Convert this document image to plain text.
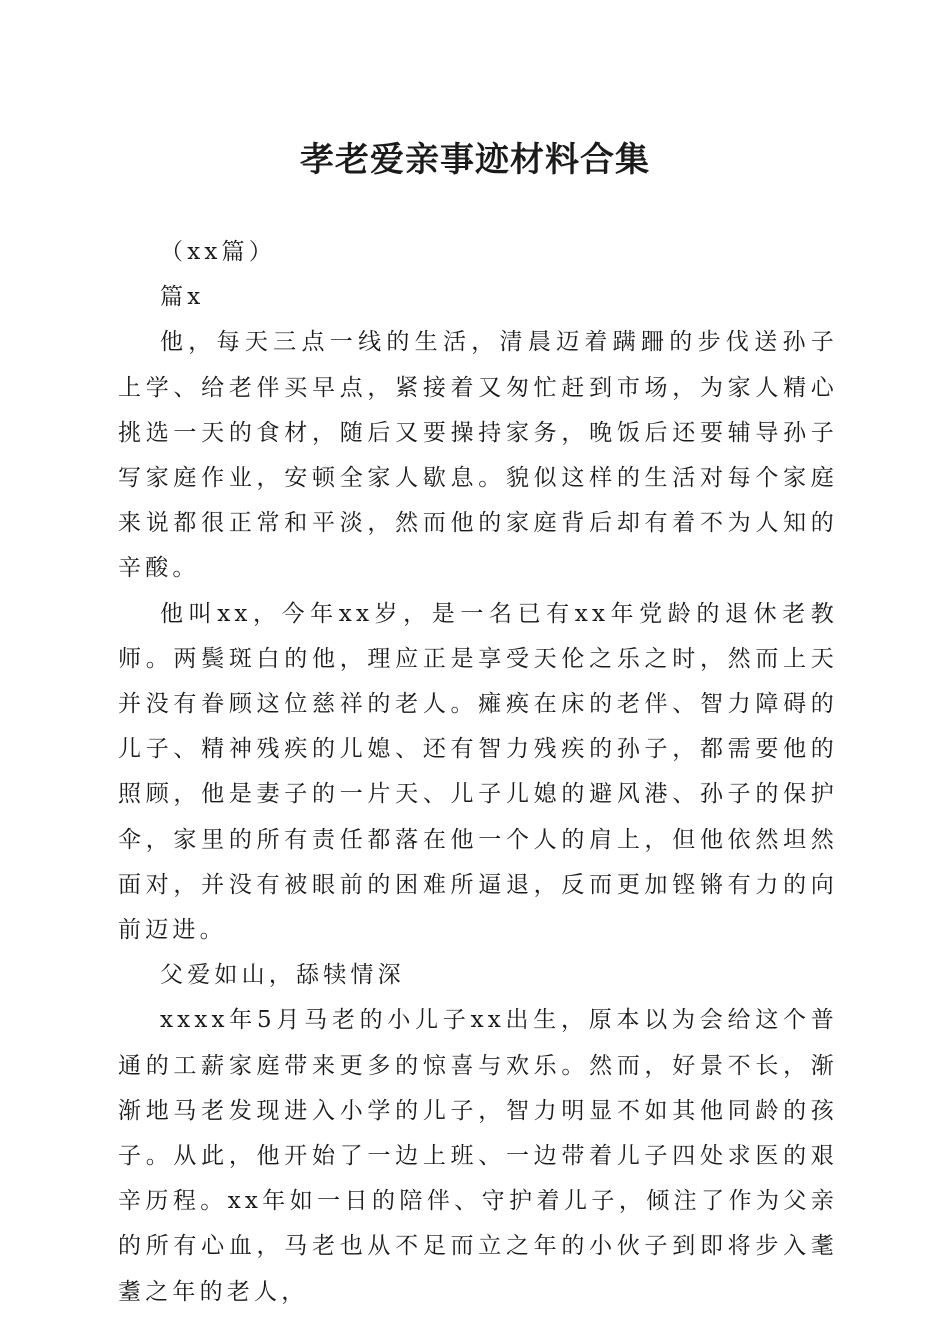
孝老爱亲事迹材料合集

（xx篇）

篇x

他，每天三点一线的生活，清晨迈着蹒跚的步伐送孙子上学、给老伴买早点，紧接着又匆忙赶到市场，为家人精心挑选一天的食材，随后又要操持家务，晚饭后还要辅导孙子写家庭作业，安顿全家人歇息。貌似这样的生活对每个家庭来说都很正常和平淡，然而他的家庭背后却有着不为人知的辛酸。

他叫xx，今年xx岁，是一名已有xx年党龄的退休老教师。两鬓斑白的他，理应正是享受天伦之乐之时，然而上天并没有眷顾这位慈祥的老人。瘫痪在床的老伴、智力障碍的儿子、精神残疾的儿媳、还有智力残疾的孙子，都需要他的照顾，他是妻子的一片天、儿子儿媳的避风港、孙子的保护伞，家里的所有责任都落在他一个人的肩上，但他依然坦然面对，并没有被眼前的困难所逼退，反而更加铿锵有力的向前迈进。

父爱如山，舔犊情深

xxxx年5月马老的小儿子xx出生，原本以为会给这个普通的工薪家庭带来更多的惊喜与欢乐。然而，好景不长，渐渐地马老发现进入小学的儿子，智力明显不如其他同龄的孩子。从此，他开始了一边上班、一边带着儿子四处求医的艰辛历程。xx年如一日的陪伴、守护着儿子，倾注了作为父亲的所有心血，马老也从不足而立之年的小伙子到即将步入耄耋之年的老人，
